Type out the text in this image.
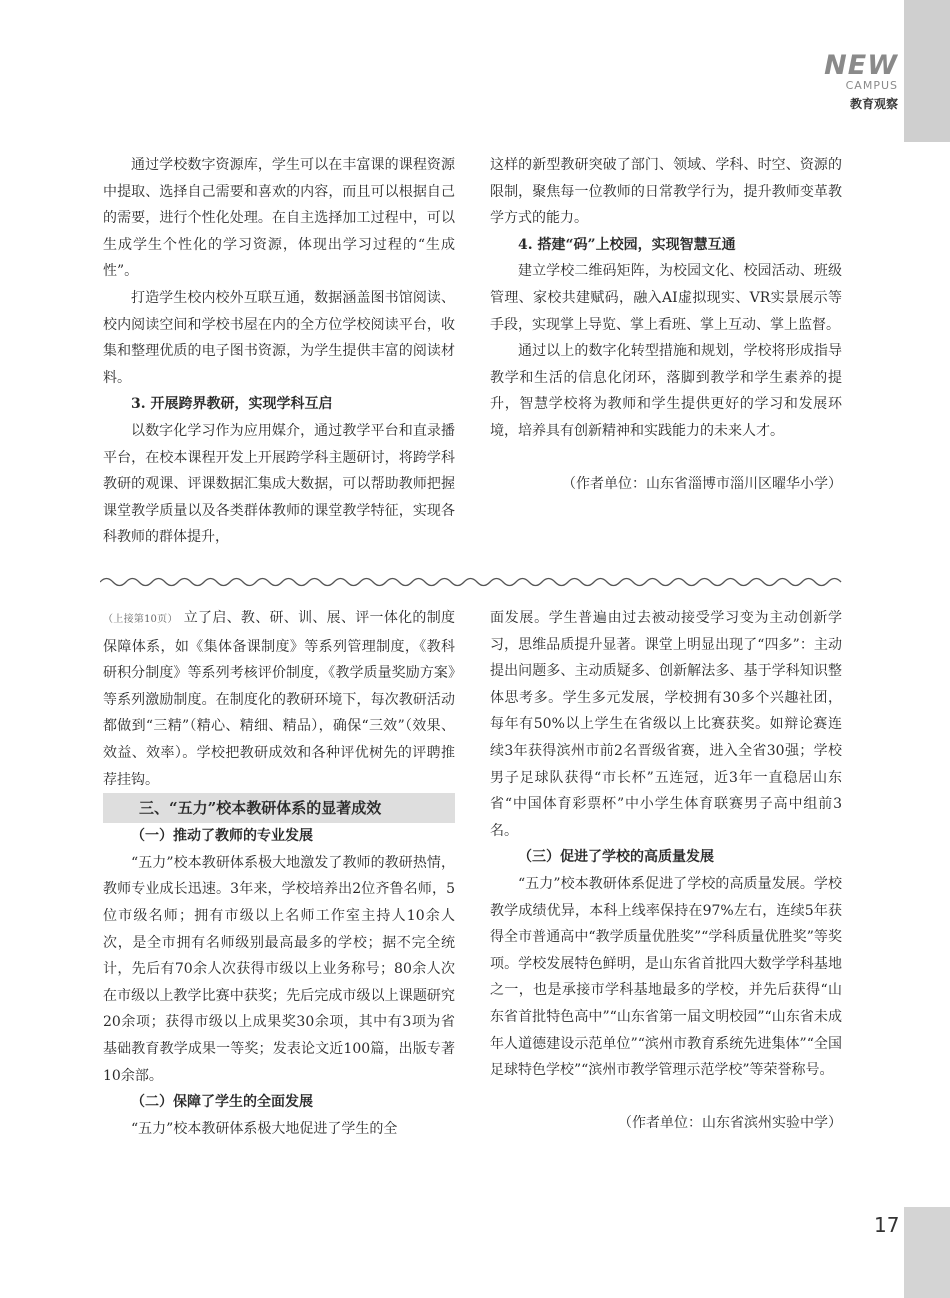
NEW
CAMPUS
教育观察

通过学校数字资源库，学生可以在丰富课的课程资源中提取、选择自己需要和喜欢的内容，而且可以根据自己的需要，进行个性化处理。在自主选择加工过程中，可以生成学生个性化的学习资源，体现出学习过程的“生成性”。

打造学生校内校外互联互通，数据涵盖图书馆阅读、校内阅读空间和学校书屋在内的全方位学校阅读平台，收集和整理优质的电子图书资源，为学生提供丰富的阅读材料。

3. 开展跨界教研，实现学科互启

以数字化学习作为应用媒介，通过教学平台和直录播平台，在校本课程开发上开展跨学科主题研讨，将跨学科教研的观课、评课数据汇集成大数据，可以帮助教师把握课堂教学质量以及各类群体教师的课堂教学特征，实现各科教师的群体提升，

这样的新型教研突破了部门、领域、学科、时空、资源的限制，聚焦每一位教师的日常教学行为，提升教师变革教学方式的能力。

4. 搭建“码”上校园，实现智慧互通

建立学校二维码矩阵，为校园文化、校园活动、班级管理、家校共建赋码，融入AI虚拟现实、VR实景展示等手段，实现掌上导览、掌上看班、掌上互动、掌上监督。

通过以上的数字化转型措施和规划，学校将形成指导教学和生活的信息化闭环，落脚到教学和学生素养的提升，智慧学校将为教师和学生提供更好的学习和发展环境，培养具有创新精神和实践能力的未来人才。

（作者单位：山东省淄博市淄川区曜华小学）

（上接第10页） 立了启、教、研、训、展、评一体化的制度保障体系，如《集体备课制度》等系列管理制度，《教科研积分制度》等系列考核评价制度，《教学质量奖励方案》等系列激励制度。在制度化的教研环境下，每次教研活动都做到“三精”（精心、精细、精品），确保“三效”（效果、效益、效率）。学校把教研成效和各种评优树先的评聘推荐挂钩。

三、“五力”校本教研体系的显著成效

（一）推动了教师的专业发展

“五力”校本教研体系极大地激发了教师的教研热情，教师专业成长迅速。3年来，学校培养出2位齐鲁名师，5位市级名师；拥有市级以上名师工作室主持人10余人次，是全市拥有名师级别最高最多的学校；据不完全统计，先后有70余人次获得市级以上业务称号；80余人次在市级以上教学比赛中获奖；先后完成市级以上课题研究20余项；获得市级以上成果奖30余项，其中有3项为省基础教育教学成果一等奖；发表论文近100篇，出版专著10余部。

（二）保障了学生的全面发展

“五力”校本教研体系极大地促进了学生的全

面发展。学生普遍由过去被动接受学习变为主动创新学习，思维品质提升显著。课堂上明显出现了“四多”：主动提出问题多、主动质疑多、创新解法多、基于学科知识整体思考多。学生多元发展，学校拥有30多个兴趣社团，每年有50%以上学生在省级以上比赛获奖。如辩论赛连续3年获得滨州市前2名晋级省赛，进入全省30强；学校男子足球队获得“市长杯”五连冠，近3年一直稳居山东省“中国体育彩票杯”中小学生体育联赛男子高中组前3名。

（三）促进了学校的高质量发展

“五力”校本教研体系促进了学校的高质量发展。学校教学成绩优异，本科上线率保持在97%左右，连续5年获得全市普通高中“教学质量优胜奖”“学科质量优胜奖”等奖项。学校发展特色鲜明，是山东省首批四大数学学科基地之一，也是承接市学科基地最多的学校，并先后获得“山东省首批特色高中”“山东省第一届文明校园”“山东省未成年人道德建设示范单位”“滨州市教育系统先进集体”“全国足球特色学校”“滨州市教学管理示范学校”等荣誉称号。

（作者单位：山东省滨州实验中学）

17
